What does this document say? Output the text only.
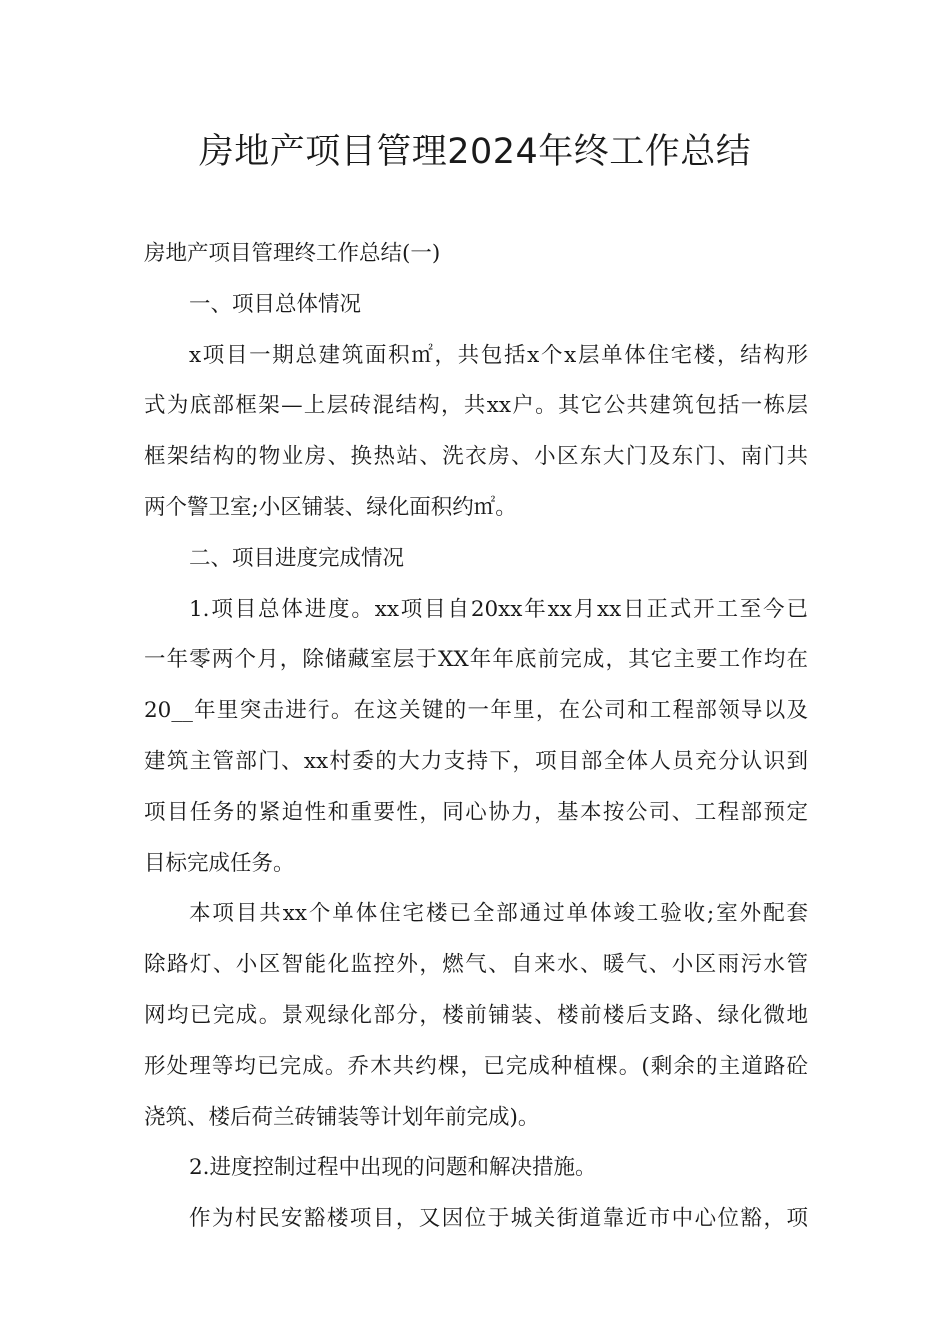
房地产项目管理2024年终工作总结
房地产项目管理终工作总结(一)
一、项目总体情况
x项目一期总建筑面积㎡，共包括x个x层单体住宅楼，结构形
式为底部框架—上层砖混结构，共xx户。其它公共建筑包括一栋层
框架结构的物业房、换热站、洗衣房、小区东大门及东门、南门共
两个警卫室;小区铺装、绿化面积约㎡。
二、项目进度完成情况
1.项目总体进度。xx项目自20xx年xx月xx日正式开工至今已
一年零两个月，除储藏室层于XX年年底前完成，其它主要工作均在
20__年里突击进行。在这关键的一年里，在公司和工程部领导以及
建筑主管部门、xx村委的大力支持下，项目部全体人员充分认识到
项目任务的紧迫性和重要性，同心协力，基本按公司、工程部预定
目标完成任务。
本项目共xx个单体住宅楼已全部通过单体竣工验收;室外配套
除路灯、小区智能化监控外，燃气、自来水、暖气、小区雨污水管
网均已完成。景观绿化部分，楼前铺装、楼前楼后支路、绿化微地
形处理等均已完成。乔木共约棵，已完成种植棵。(剩余的主道路砼
浇筑、楼后荷兰砖铺装等计划年前完成)。
2.进度控制过程中出现的问题和解决措施。
作为村民安豁楼项目，又因位于城关街道靠近市中心位豁，项
